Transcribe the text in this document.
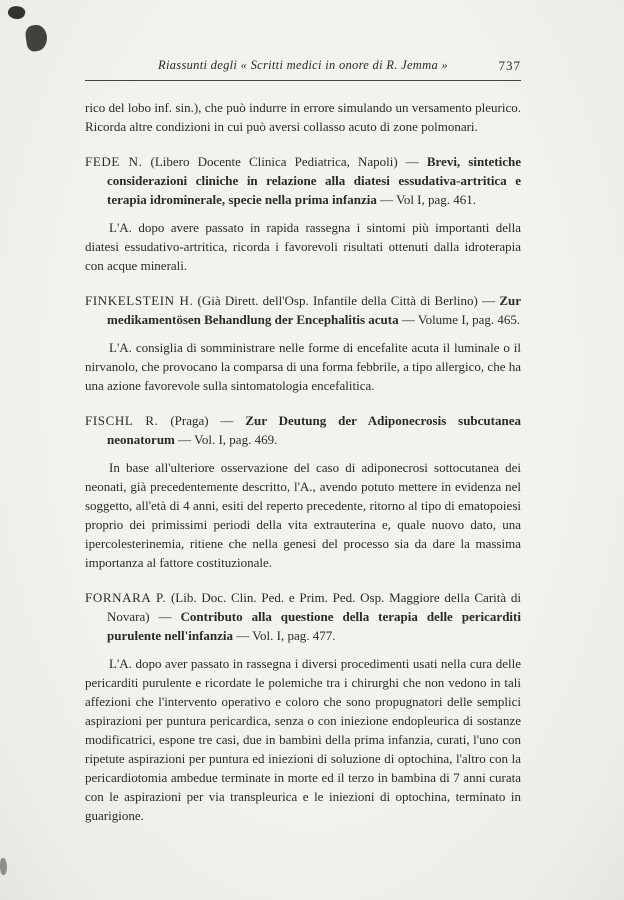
Riassunti degli « Scritti medici in onore di R. Jemma »	737

rico del lobo inf. sin.), che può indurre in errore simulando un versamento pleurico. Ricorda altre condizioni in cui può aversi collasso acuto di zone polmonari.

FEDE N. (Libero Docente Clinica Pediatrica, Napoli) — Brevi, sintetiche considerazioni cliniche in relazione alla diatesi essudativa-artritica e terapia idrominerale, specie nella prima infanzia — Vol I, pag. 461.

L'A. dopo avere passato in rapida rassegna i sintomi più importanti della diatesi essudativo-artritica, ricorda i favorevoli risultati ottenuti dalla idroterapia con acque minerali.

FINKELSTEIN H. (Già Dirett. dell'Osp. Infantile della Città di Berlino) — Zur medikamentösen Behandlung der Encephalitis acuta — Volume I, pag. 465.

L'A. consiglia di somministrare nelle forme di encefalite acuta il luminale o il nirvanolo, che provocano la comparsa di una forma febbrile, a tipo allergico, che ha una azione favorevole sulla sintomatologia encefalitica.

FISCHL R. (Praga) — Zur Deutung der Adiponecrosis subcutanea neonatorum — Vol. I, pag. 469.

In base all'ulteriore osservazione del caso di adiponecrosi sottocutanea dei neonati, già precedentemente descritto, l'A., avendo potuto mettere in evidenza nel soggetto, all'età di 4 anni, esiti del reperto precedente, ritorno al tipo di ematopoiesi proprio dei primissimi periodi della vita extrauterina e, quale nuovo dato, una ipercolesterinemia, ritiene che nella genesi del processo sia da dare la massima importanza al fattore costituzionale.

FORNARA P. (Lib. Doc. Clin. Ped. e Prim. Ped. Osp. Maggiore della Carità di Novara) — Contributo alla questione della terapia delle pericarditi purulente nell'infanzia — Vol. I, pag. 477.

L'A. dopo aver passato in rassegna i diversi procedimenti usati nella cura delle pericarditi purulente e ricordate le polemiche tra i chirurghi che non vedono in tali affezioni che l'intervento operativo e coloro che sono propugnatori delle semplici aspirazioni per puntura pericardica, senza o con iniezione endopleurica di sostanze modificatrici, espone tre casi, due in bambini della prima infanzia, curati, l'uno con ripetute aspirazioni per puntura ed iniezioni di soluzione di optochina, l'altro con la pericardiotomia ambedue terminate in morte ed il terzo in bambina di 7 anni curata con le aspirazioni per via transpleurica e le iniezioni di optochina, terminato in guarigione.
